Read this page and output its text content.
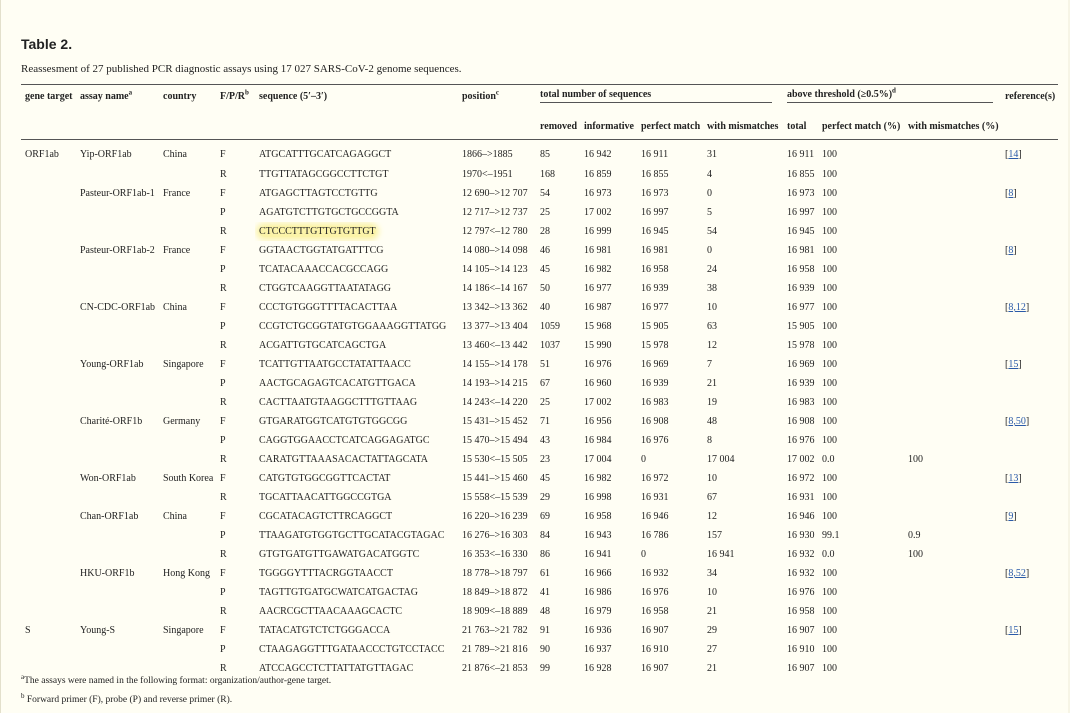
Table 2.
Reassesment of 27 published PCR diagnostic assays using 17 027 SARS-CoV-2 genome sequences.
gene target	assay name$^a$	country	$F/P/R^b$	sequence (5′–3′)	position$^c$	total number of sequences				above threshold (≥0.5%)$^d$			reference(s)
						removed	informative	perfect match	with mismatches	total	perfect match (%)	with mismatches (%)	
ORF1ab	Yip-ORF1ab	China	F	ATGCATTTGCATCAGAGGCT	1866–>1885	85	16 942	16 911	31	16 911	100		[14]
			R	TTGTTATAGCGGCCTTCTGT	1970<–1951	168	16 859	16 855	4	16 855	100		
	Pasteur-ORF1ab-1	France	F	ATGAGCTTAGTCCTGTTG	12 690–>12 707	54	16 973	16 973	0	16 973	100		[8]
			P	AGATGTCTTGTGCTGCCGGTA	12 717–>12 737	25	17 002	16 997	5	16 997	100		
			R	CTCCCTTTGTTGTGTTGT	12 797<–12 780	28	16 999	16 945	54	16 945	100		
	Pasteur-ORF1ab-2	France	F	GGTAACTGGTATGATTTCG	14 080–>14 098	46	16 981	16 981	0	16 981	100		[8]
			P	TCATACAAACCACGCCAGG	14 105–>14 123	45	16 982	16 958	24	16 958	100		
			R	CTGGTCAAGGTTAATATAGG	14 186<–14 167	50	16 977	16 939	38	16 939	100		
	CN-CDC-ORF1ab	China	F	CCCTGTGGGTTTTACACTTAA	13 342–>13 362	40	16 987	16 977	10	16 977	100		[8,12]
			P	CCGTCTGCGGTATGTGGAAAGGTTATGG	13 377–>13 404	1059	15 968	15 905	63	15 905	100		
			R	ACGATTGTGCATCAGCTGA	13 460<–13 442	1037	15 990	15 978	12	15 978	100		
	Young-ORF1ab	Singapore	F	TCATTGTTAATGCCTATATTAACC	14 155–>14 178	51	16 976	16 969	7	16 969	100		[15]
			P	AACTGCAGAGTCACATGTTGACA	14 193–>14 215	67	16 960	16 939	21	16 939	100		
			R	CACTTAATGTAAGGCTTTGTTAAG	14 243<–14 220	25	17 002	16 983	19	16 983	100		
	Charité-ORF1b	Germany	F	GTGARATGGTCATGTGTGGCGG	15 431–>15 452	71	16 956	16 908	48	16 908	100		[8,50]
			P	CAGGTGGAACCTCATCAGGAGATGC	15 470–>15 494	43	16 984	16 976	8	16 976	100		
			R	CARATGTTAAASACACTATTAGCATA	15 530<–15 505	23	17 004	0	17 004	17 002	0.0	100	
	Won-ORF1ab	South Korea	F	CATGTGTGGCGGTTCACTAT	15 441–>15 460	45	16 982	16 972	10	16 972	100		[13]
			R	TGCATTAACATTGGCCGTGA	15 558<–15 539	29	16 998	16 931	67	16 931	100		
	Chan-ORF1ab	China	F	CGCATACAGTCTTRCAGGCT	16 220–>16 239	69	16 958	16 946	12	16 946	100		[9]
			P	TTAAGATGTGGTGCTTGCATACGTAGAC	16 276–>16 303	84	16 943	16 786	157	16 930	99.1	0.9	
			R	GTGTGATGTTGAWATGACATGGTC	16 353<–16 330	86	16 941	0	16 941	16 932	0.0	100	
	HKU-ORF1b	Hong Kong	F	TGGGGYTTTACRGGTAACCT	18 778–>18 797	61	16 966	16 932	34	16 932	100		[8,52]
			P	TAGTTGTGATGCWATCATGACTAG	18 849–>18 872	41	16 986	16 976	10	16 976	100		
			R	AACRCGCTTAACAAAGCACTC	18 909<–18 889	48	16 979	16 958	21	16 958	100		
S	Young-S	Singapore	F	TATACATGTCTCTGGGACCA	21 763–>21 782	91	16 936	16 907	29	16 907	100		[15]
			P	CTAAGAGGTTTGATAACCCTGTCCTACC	21 789–>21 816	90	16 937	16 910	27	16 910	100		
			R	ATCCAGCCTCTTATTATGTTAGAC	21 876<–21 853	99	16 928	16 907	21	16 907	100		
$^a$The assays were named in the following format: organization/author-gene target.
$^b$ Forward primer (F), probe (P) and reverse primer (R).
